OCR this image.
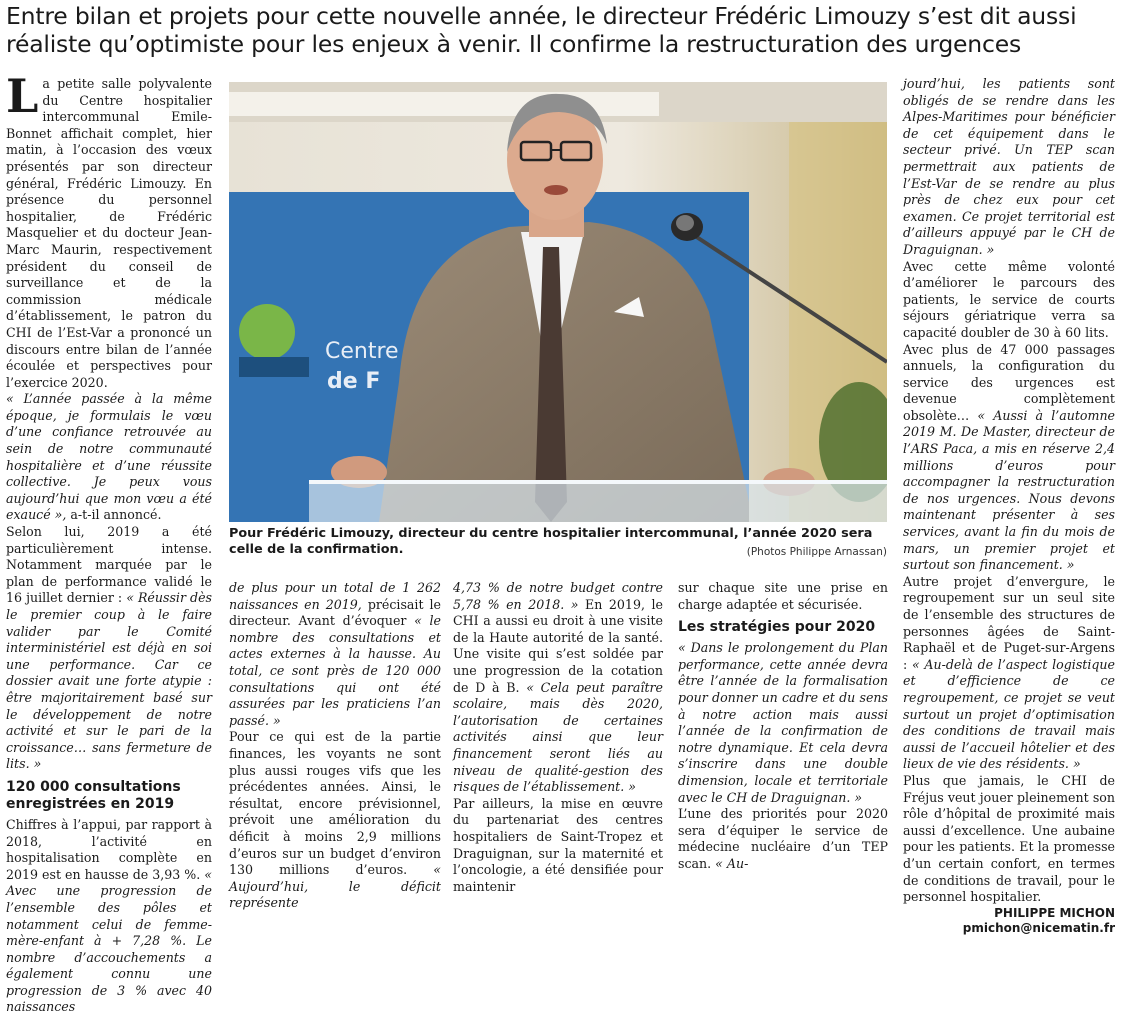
Entre bilan et projets pour cette nouvelle année, le directeur Frédéric Limouzy s’est dit aussi réaliste qu’optimiste pour les enjeux à venir. Il confirme la restructuration des urgences

La petite salle polyvalente du Centre hospitalier intercommunal Emile-Bonnet affichait complet, hier matin, à l’occasion des vœux présentés par son directeur général, Frédéric Limouzy. En présence du personnel hospitalier, de Frédéric Masquelier et du docteur Jean-Marc Maurin, respectivement président du conseil de surveillance et de la commission médicale d’établissement, le patron du CHI de l’Est-Var a prononcé un discours entre bilan de l’année écoulée et perspectives pour l’exercice 2020.

« L’année passée à la même époque, je formulais le vœu d’une confiance retrouvée au sein de notre communauté hospitalière et d’une réussite collective. Je peux vous aujourd’hui que mon vœu a été exaucé », a-t-il annoncé.

Selon lui, 2019 a été particulièrement intense. Notamment marquée par le plan de performance validé le 16 juillet dernier : « Réussir dès le premier coup à le faire valider par le Comité interministériel est déjà en soi une performance. Car ce dossier avait une forte atypie : être majoritairement basé sur le développement de notre activité et sur le pari de la croissance… sans fermeture de lits. »

120 000 consultations enregistrées en 2019

Chiffres à l’appui, par rapport à 2018, l’activité en hospitalisation complète en 2019 est en hausse de 3,93 %. « Avec une progression de l’ensemble des pôles et notamment celui de femme-mère-enfant à + 7,28 %. Le nombre d’accouchements a également connu une progression de 3 % avec 40 naissances

Centre
de F
Pour Frédéric Limouzy, directeur du centre hospitalier intercommunal, l’année 2020 sera celle de la confirmation.	(Photos Philippe Arnassan)

de plus pour un total de 1 262 naissances en 2019, précisait le directeur. Avant d’évoquer « le nombre des consultations et actes externes à la hausse. Au total, ce sont près de 120 000 consultations qui ont été assurées par les praticiens l’an passé. »

Pour ce qui est de la partie finances, les voyants ne sont plus aussi rouges vifs que les précédentes années. Ainsi, le résultat, encore prévisionnel, prévoit une amélioration du déficit à moins 2,9 millions d’euros sur un budget d’environ 130 millions d’euros. « Aujourd’hui, le déficit représente

4,73 % de notre budget contre 5,78 % en 2018. » En 2019, le CHI a aussi eu droit à une visite de la Haute autorité de la santé. Une visite qui s’est soldée par une progression de la cotation de D à B. « Cela peut paraître scolaire, mais dès 2020, l’autorisation de certaines activités ainsi que leur financement seront liés au niveau de qualité-gestion des risques de l’établissement. »

Par ailleurs, la mise en œuvre du partenariat des centres hospitaliers de Saint-Tropez et Draguignan, sur la maternité et l’oncologie, a été densifiée pour maintenir

sur chaque site une prise en charge adaptée et sécurisée.

Les stratégies pour 2020

« Dans le prolongement du Plan performance, cette année devra être l’année de la formalisation pour donner un cadre et du sens à notre action mais aussi l’année de la confirmation de notre dynamique. Et cela devra s’inscrire dans une double dimension, locale et territoriale avec le CH de Draguignan. »

L’une des priorités pour 2020 sera d’équiper le service de médecine nucléaire d’un TEP scan. « Au-

jourd’hui, les patients sont obligés de se rendre dans les Alpes-Maritimes pour bénéficier de cet équipement dans le secteur privé. Un TEP scan permettrait aux patients de l’Est-Var de se rendre au plus près de chez eux pour cet examen. Ce projet territorial est d’ailleurs appuyé par le CH de Draguignan. »

Avec cette même volonté d’améliorer le parcours des patients, le service de courts séjours gériatrique verra sa capacité doubler de 30 à 60 lits.

Avec plus de 47 000 passages annuels, la configuration du service des urgences est devenue complètement obsolète… « Aussi à l’automne 2019 M. De Master, directeur de l’ARS Paca, a mis en réserve 2,4 millions d’euros pour accompagner la restructuration de nos urgences. Nous devons maintenant présenter à ses services, avant la fin du mois de mars, un premier projet et surtout son financement. »

Autre projet d’envergure, le regroupement sur un seul site de l’ensemble des structures de personnes âgées de Saint-Raphaël et de Puget-sur-Argens : « Au-delà de l’aspect logistique et d’efficience de ce regroupement, ce projet se veut surtout un projet d’optimisation des conditions de travail mais aussi de l’accueil hôtelier et des lieux de vie des résidents. »

Plus que jamais, le CHI de Fréjus veut jouer pleinement son rôle d’hôpital de proximité mais aussi d’excellence. Une aubaine pour les patients. Et la promesse d’un certain confort, en termes de conditions de travail, pour le personnel hospitalier.

PHILIPPE MICHON
pmichon@nicematin.fr
